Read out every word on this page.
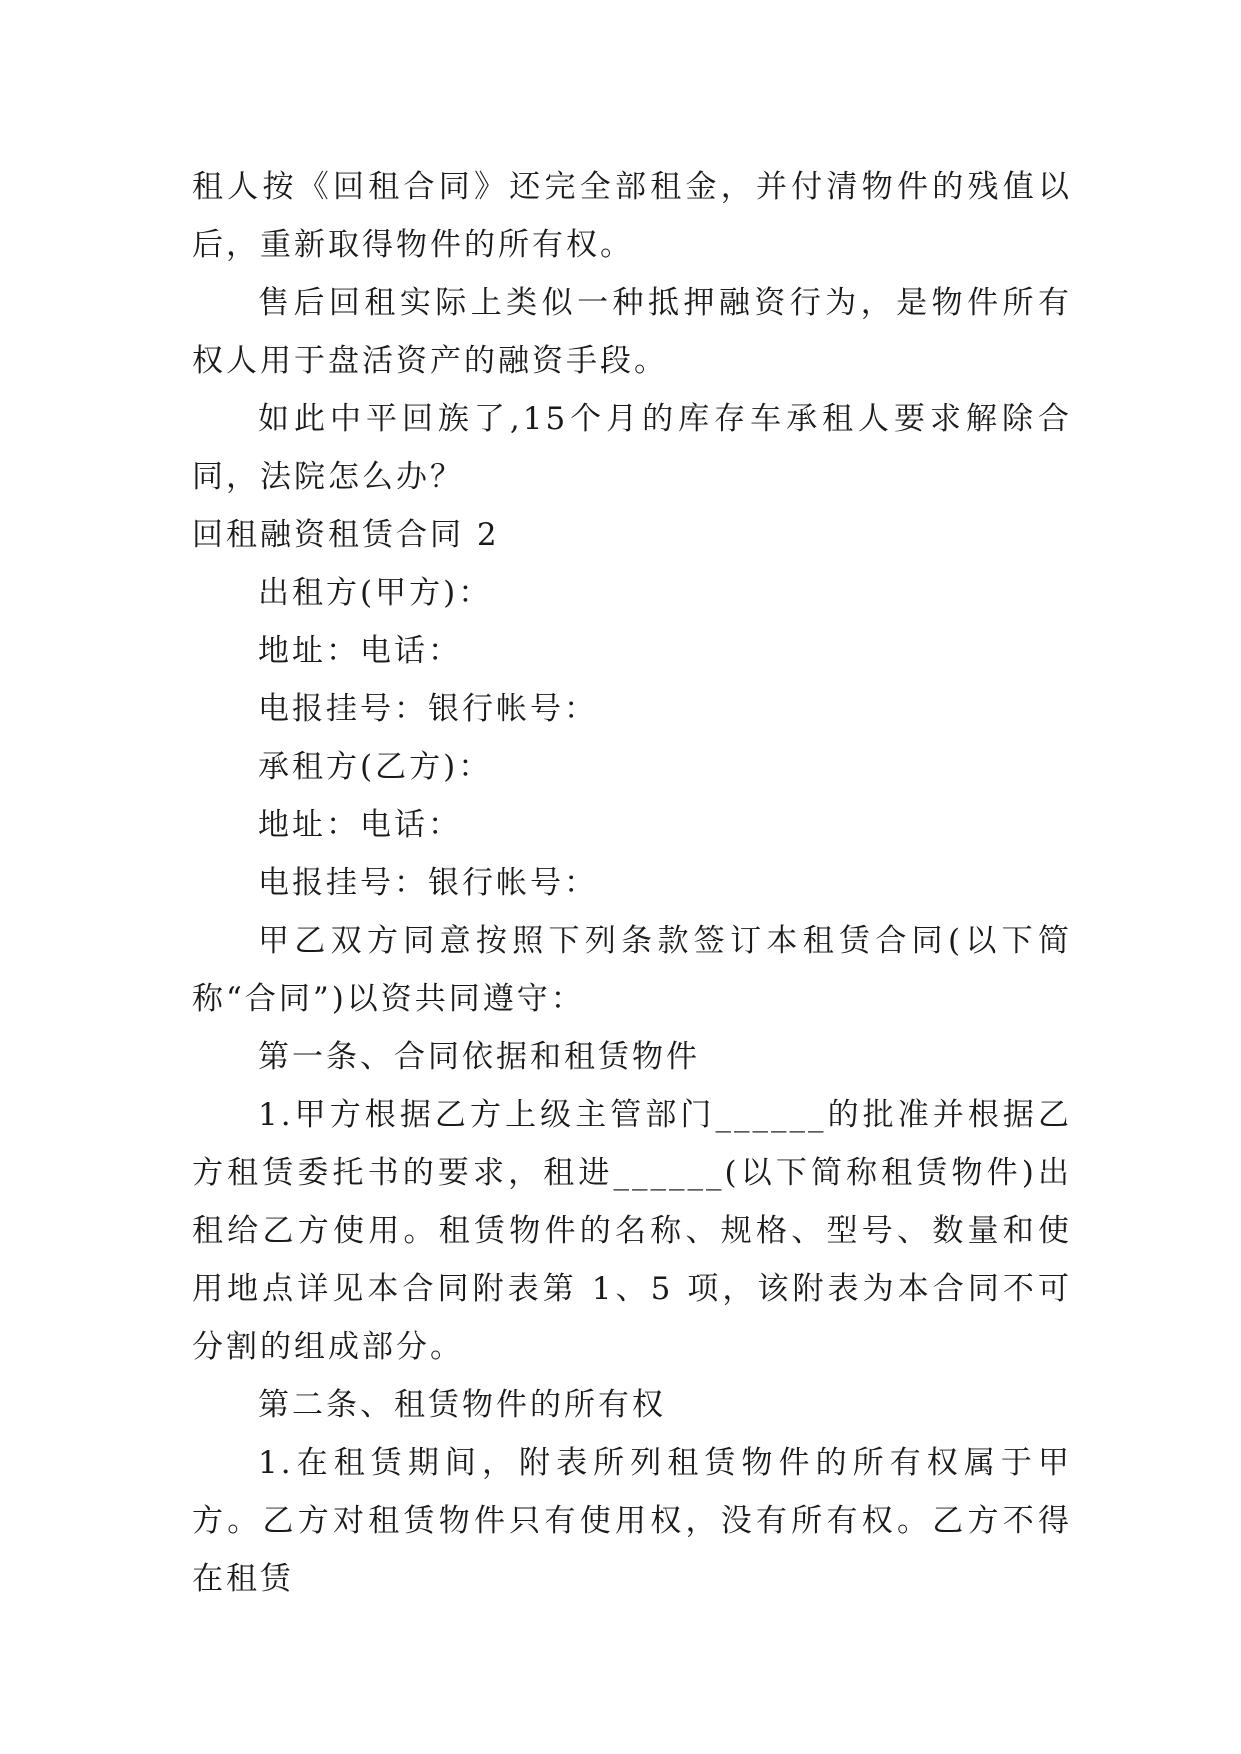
租人按《回租合同》还完全部租金，并付清物件的残值以后，重新取得物件的所有权。

售后回租实际上类似一种抵押融资行为，是物件所有权人用于盘活资产的融资手段。

如此中平回族了,15个月的库存车承租人要求解除合同，法院怎么办？

回租融资租赁合同 2

出租方(甲方)：

地址：电话：

电报挂号：银行帐号：

承租方(乙方)：

地址：电话：

电报挂号：银行帐号：

甲乙双方同意按照下列条款签订本租赁合同(以下简称“合同”)以资共同遵守：

第一条、合同依据和租赁物件

1.甲方根据乙方上级主管部门______的批准并根据乙方租赁委托书的要求，租进______(以下简称租赁物件)出租给乙方使用。租赁物件的名称、规格、型号、数量和使用地点详见本合同附表第 1、5 项，该附表为本合同不可分割的组成部分。

第二条、租赁物件的所有权

1.在租赁期间，附表所列租赁物件的所有权属于甲方。乙方对租赁物件只有使用权，没有所有权。乙方不得在租赁
